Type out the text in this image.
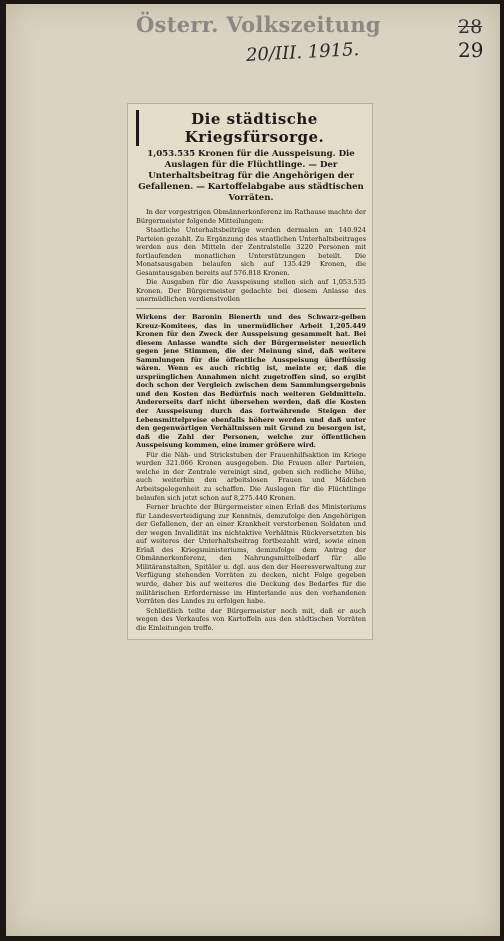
Österr. Volkszeitung	28
29
20/III. 1915.
Die städtische Kriegsfürsorge.
1,053.535 Kronen für die Ausspeisung. Die Auslagen für die Flüchtlinge. — Der Unterhaltsbeitrag für die Angehörigen der Gefallenen. — Kartoffelabgabe aus städtischen Vorräten.

In der vorgestrigen Obmännerkonferenz im Rathause machte der Bürgermeister folgende Mitteilungen:

Staatliche Unterhaltsbeiträge werden dermalen an 140.924 Parteien gezahlt. Zu Ergänzung des staatlichen Unterhaltsbeitrages werden aus den Mitteln der Zentralstelle 3220 Personen mit fortlaufenden monatlichen Unterstützungen beteilt. Die Monatsausgaben belaufen sich auf 135.429 Kronen, die Gesamtausgaben bereits auf 576.818 Kronen.

Die Ausgaben für die Ausspeisung stellen sich auf 1,053.535 Kronen. Der Bürgermeister gedachte bei diesem Anlasse des unermüdlichen verdienstvollen

Wirkens der Baronin Bienerth und des Schwarz-gelben Kreuz-Komitees, das in unermüdlicher Arbeit 1,205.449 Kronen für den Zweck der Ausspeisung gesammelt hat. Bei diesem Anlasse wandte sich der Bürgermeister neuerlich gegen jene Stimmen, die der Meinung sind, daß weitere Sammlungen für die öffentliche Ausspeisung überflüssig wären. Wenn es auch richtig ist, meinte er, daß die ursprünglichen Annahmen nicht zugetroffen sind, so ergibt doch schon der Vergleich zwischen dem Sammlungsergebnis und den Kosten das Bedürfnis nach weiteren Geldmitteln. Andererseits darf nicht übersehen werden, daß die Kosten der Ausspeisung durch das fortwährende Steigen der Lebensmittelpreise ebenfalls höhere werden und daß unter den gegenwärtigen Verhältnissen mit Grund zu besorgen ist, daß die Zahl der Personen, welche zur öffentlichen Ausspeisung kommen, eine immer größere wird.

Für die Näh- und Strickstuben der Frauenhilfsaktion im Kriege wurden 321.066 Kronen ausgegeben. Die Frauen aller Parteien, welche in der Zentrale vereinigt sind, geben sich redliche Mühe, auch weiterhin den arbeitslosen Frauen und Mädchen Arbeitsgelegenheit zu schaffen. Die Auslagen für die Flüchtlinge belaufen sich jetzt schon auf 8,275.440 Kronen.

Ferner brachte der Bürgermeister einen Erlaß des Ministeriums für Landesverteidigung zur Kenntnis, demzufolge den Angehörigen der Gefallenen, der an einer Krankheit verstorbenen Soldaten und der wegen Invalidität ins nichtaktive Verhältnis Rückversetzten bis auf weiteres der Unterhaltsbeitrag fortbezahlt wird, sowie einen Erlaß des Kriegsministeriums, demzufolge dem Antrag der Obmännerkonferenz, den Nahrungsmittelbedarf für alle Militäranstalten, Spitäler u. dgl. aus den der Heeresverwaltung zur Verfügung stehenden Vorräten zu decken, nicht Folge gegeben wurde, daher bis auf weiteres die Deckung des Bedarfes für die militärischen Erfordernisse im Hinterlande aus den vorhandenen Vorräten des Landes zu erfolgen habe.

Schließlich teilte der Bürgermeister noch mit, daß er auch wegen des Verkaufes von Kartoffeln aus den städtischen Vorräten die Einleitungen treffe.
